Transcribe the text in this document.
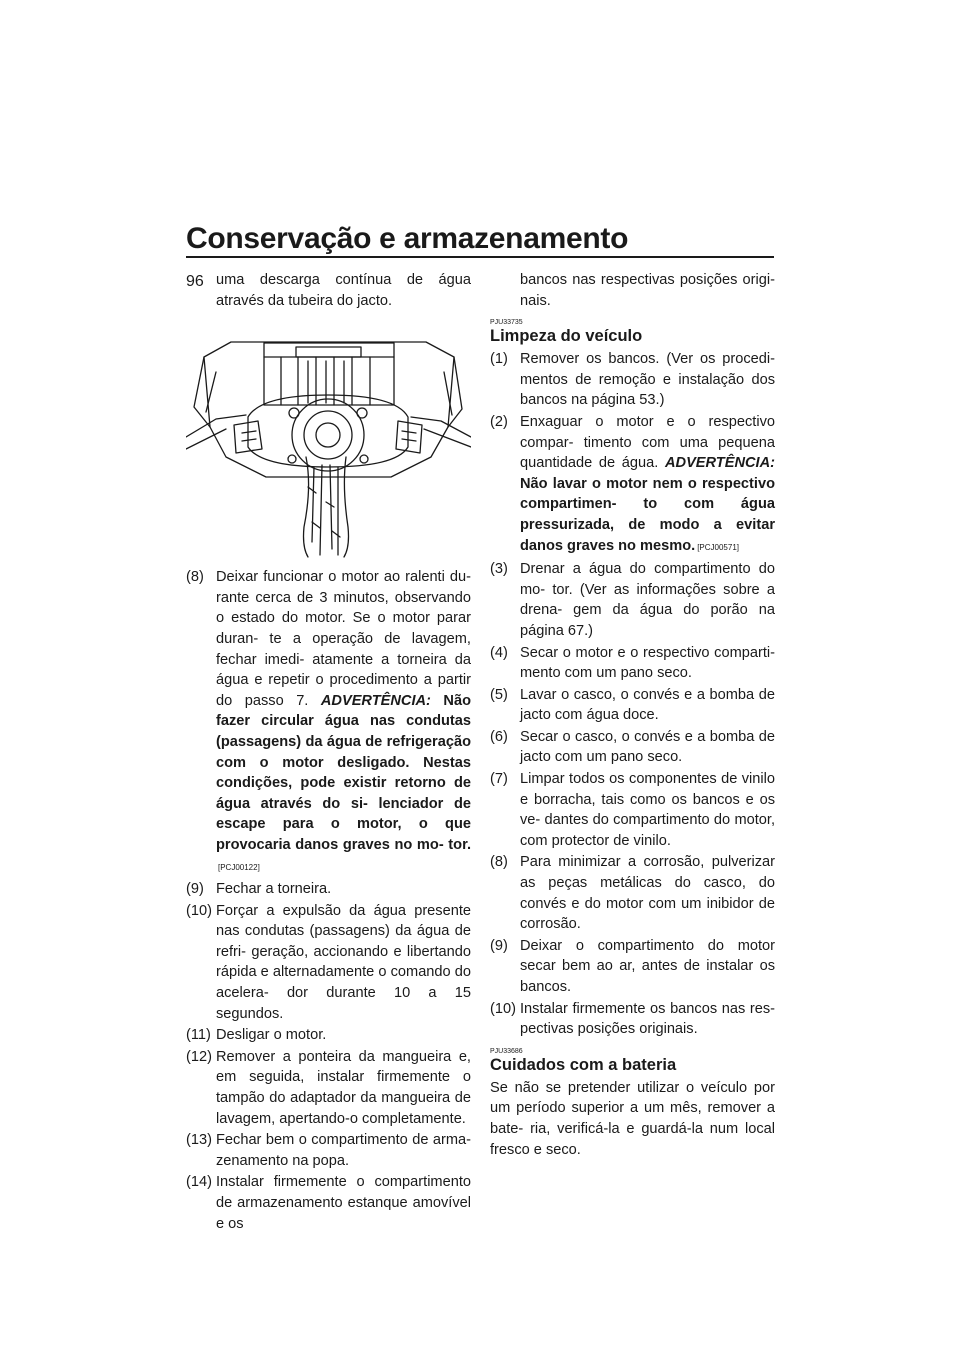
Conservação e armazenamento
96 uma descarga contínua de água através da tubeira do jacto.

(8) Deixar funcionar o motor ao ralenti du- rante cerca de 3 minutos, observando o estado do motor. Se o motor parar duran- te a operação de lavagem, fechar imedi- atamente a torneira da água e repetir o procedimento a partir do passo 7. ADVERTÊNCIA: Não fazer circular água nas condutas (passagens) da água de refrigeração com o motor desligado. Nestas condições, pode existir retorno de água através do si- lenciador de escape para o motor, o que provocaria danos graves no mo- tor.[PCJ00122]
(9) Fechar a torneira.
(10) Forçar a expulsão da água presente nas condutas (passagens) da água de refri- geração, accionando e libertando rápida e alternadamente o comando do acelera- dor durante 10 a 15 segundos.
(11) Desligar o motor.
(12) Remover a ponteira da mangueira e, em seguida, instalar firmemente o tampão do adaptador da mangueira de lavagem, apertando-o completamente.
(13) Fechar bem o compartimento de arma- zenamento na popa.
(14) Instalar firmemente o compartimento de armazenamento estanque amovível e os

bancos nas respectivas posições origi- nais.

PJU33735
Limpeza do veículo
(1) Remover os bancos. (Ver os procedi- mentos de remoção e instalação dos bancos na página 53.)
(2) Enxaguar o motor e o respectivo compar- timento com uma pequena quantidade de água. ADVERTÊNCIA: Não lavar o motor nem o respectivo compartimen- to com água pressurizada, de modo a evitar danos graves no mesmo. [PCJ00571]
(3) Drenar a água do compartimento do mo- tor. (Ver as informações sobre a drena- gem da água do porão na página 67.)
(4) Secar o motor e o respectivo comparti- mento com um pano seco.
(5) Lavar o casco, o convés e a bomba de jacto com água doce.
(6) Secar o casco, o convés e a bomba de jacto com um pano seco.
(7) Limpar todos os componentes de vinilo e borracha, tais como os bancos e os ve- dantes do compartimento do motor, com protector de vinilo.
(8) Para minimizar a corrosão, pulverizar as peças metálicas do casco, do convés e do motor com um inibidor de corrosão.
(9) Deixar o compartimento do motor secar bem ao ar, antes de instalar os bancos.
(10) Instalar firmemente os bancos nas res- pectivas posições originais.
PJU33686
Cuidados com a bateria

Se não se pretender utilizar o veículo por um período superior a um mês, remover a bate- ria, verificá-la e guardá-la num local fresco e seco.
